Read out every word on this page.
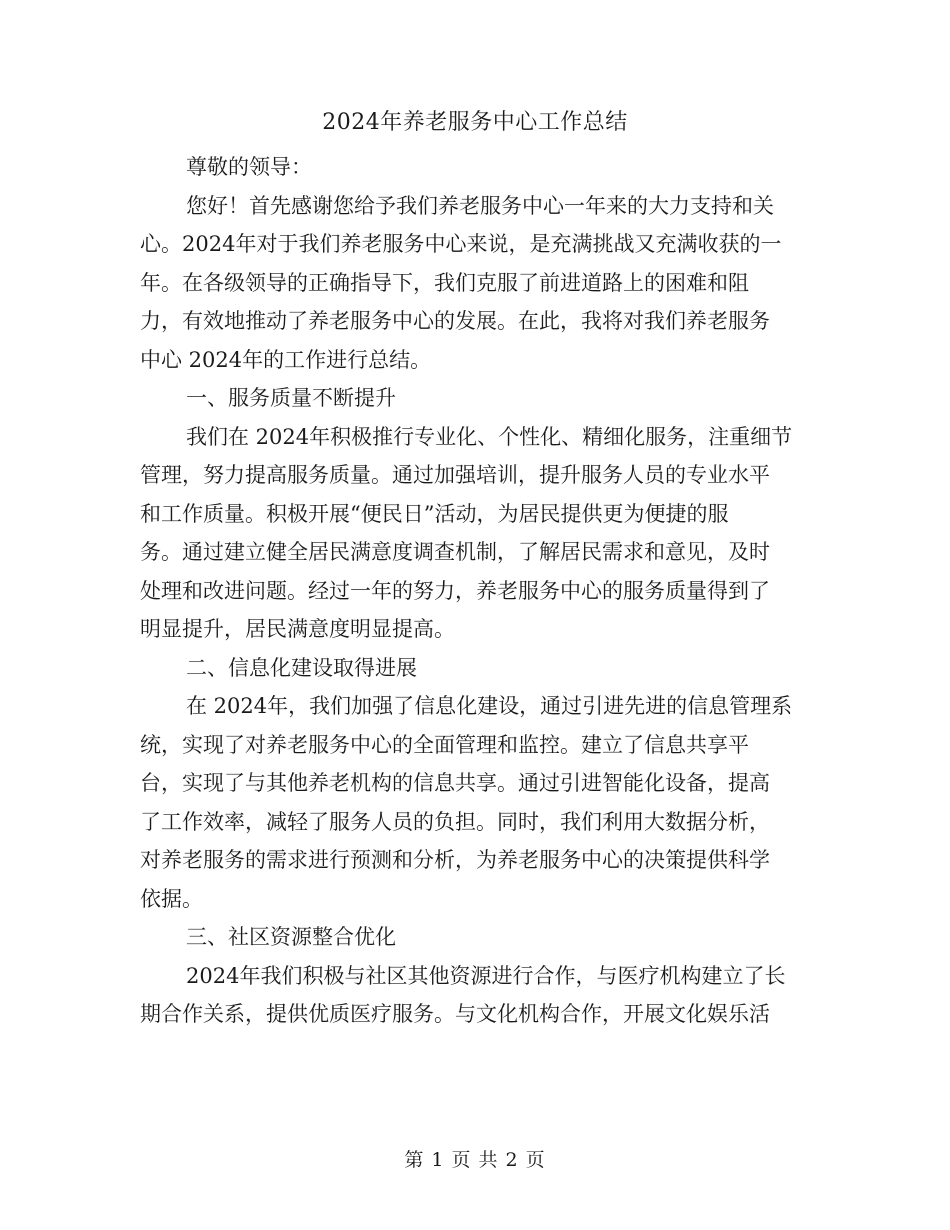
2024年养老服务中心工作总结
尊敬的领导：
您好！首先感谢您给予我们养老服务中心一年来的大力支持和关
心。2024年对于我们养老服务中心来说，是充满挑战又充满收获的一
年。在各级领导的正确指导下，我们克服了前进道路上的困难和阻
力，有效地推动了养老服务中心的发展。在此，我将对我们养老服务
中心 2024年的工作进行总结。
一、服务质量不断提升
我们在 2024年积极推行专业化、个性化、精细化服务，注重细节
管理，努力提高服务质量。通过加强培训，提升服务人员的专业水平
和工作质量。积极开展“便民日”活动，为居民提供更为便捷的服
务。通过建立健全居民满意度调查机制，了解居民需求和意见，及时
处理和改进问题。经过一年的努力，养老服务中心的服务质量得到了
明显提升，居民满意度明显提高。
二、信息化建设取得进展
在 2024年，我们加强了信息化建设，通过引进先进的信息管理系
统，实现了对养老服务中心的全面管理和监控。建立了信息共享平
台，实现了与其他养老机构的信息共享。通过引进智能化设备，提高
了工作效率，减轻了服务人员的负担。同时，我们利用大数据分析，
对养老服务的需求进行预测和分析，为养老服务中心的决策提供科学
依据。
三、社区资源整合优化
2024年我们积极与社区其他资源进行合作，与医疗机构建立了长
期合作关系，提供优质医疗服务。与文化机构合作，开展文化娱乐活
第 1 页 共 2 页
